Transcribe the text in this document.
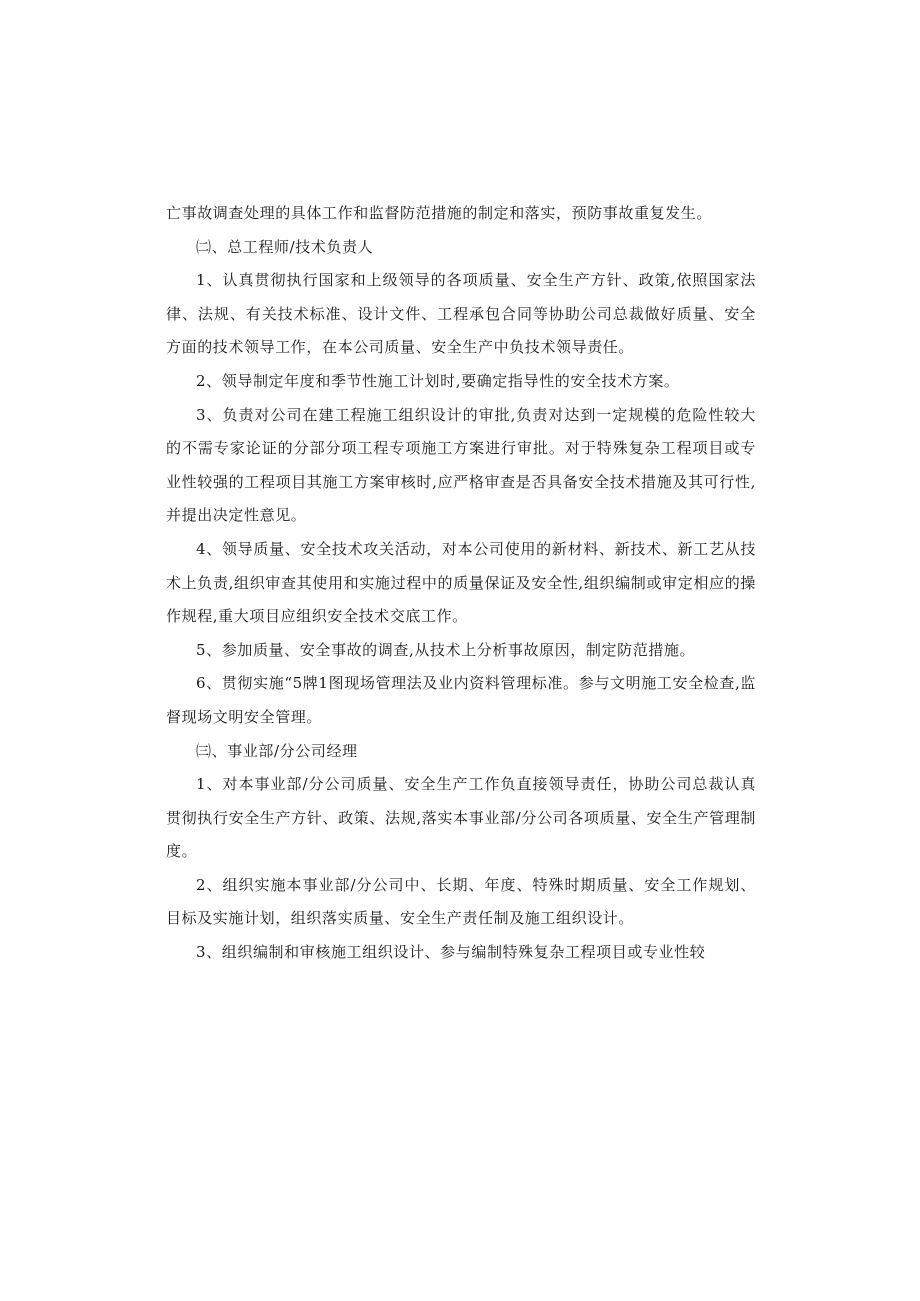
亡事故调查处理的具体工作和监督防范措施的制定和落实，预防事故重复发生。

㈡、总工程师/技术负责人

1、认真贯彻执行国家和上级领导的各项质量、安全生产方针、政策,依照国家法律、法规、有关技术标准、设计文件、工程承包合同等协助公司总裁做好质量、安全方面的技术领导工作，在本公司质量、安全生产中负技术领导责任。

2、领导制定年度和季节性施工计划时,要确定指导性的安全技术方案。

3、负责对公司在建工程施工组织设计的审批,负责对达到一定规模的危险性较大的不需专家论证的分部分项工程专项施工方案进行审批。对于特殊复杂工程项目或专业性较强的工程项目其施工方案审核时,应严格审查是否具备安全技术措施及其可行性,并提出决定性意见。

4、领导质量、安全技术攻关活动，对本公司使用的新材料、新技术、新工艺从技术上负责,组织审查其使用和实施过程中的质量保证及安全性,组织编制或审定相应的操作规程,重大项目应组织安全技术交底工作。

5、参加质量、安全事故的调查,从技术上分析事故原因，制定防范措施。

6、贯彻实施“5牌1图现场管理法及业内资料管理标准。参与文明施工安全检查,监督现场文明安全管理。

㈢、事业部/分公司经理

1、对本事业部/分公司质量、安全生产工作负直接领导责任，协助公司总裁认真贯彻执行安全生产方针、政策、法规,落实本事业部/分公司各项质量、安全生产管理制度。

2、组织实施本事业部/分公司中、长期、年度、特殊时期质量、安全工作规划、目标及实施计划，组织落实质量、安全生产责任制及施工组织设计。

3、组织编制和审核施工组织设计、参与编制特殊复杂工程项目或专业性较
